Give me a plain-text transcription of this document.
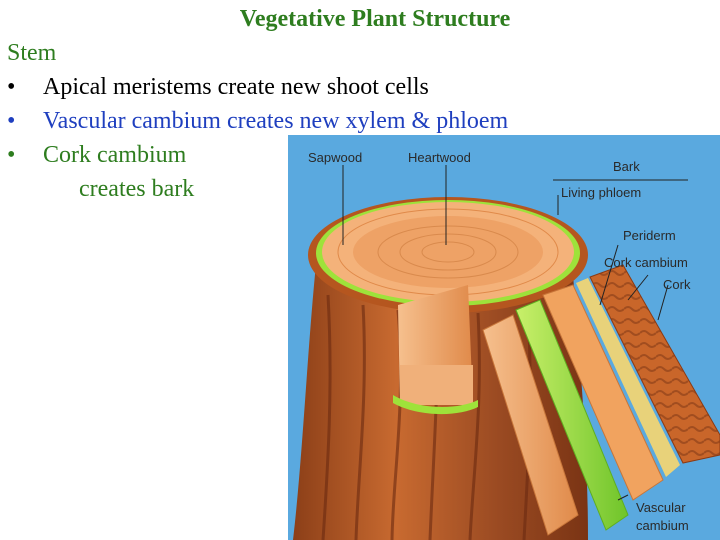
Vegetative Plant Structure
Stem
• Apical meristems create new shoot cells
• Vascular cambium creates new xylem & phloem
• Cork cambium
creates bark
Sapwood	Heartwood
Bark
Living phloem
Periderm
Cork cambium
Cork
Vascular
cambium
